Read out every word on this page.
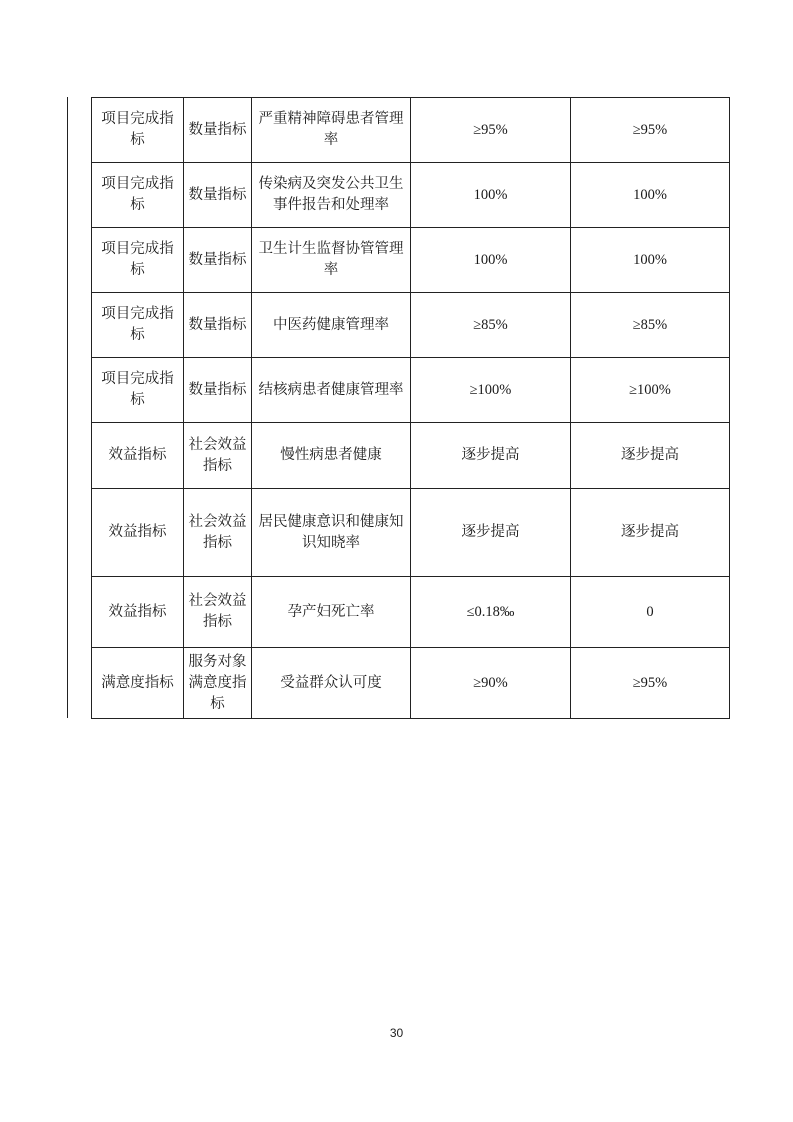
项目完成指标	数量指标	严重精神障碍患者管理率	≥95%	≥95%
项目完成指标	数量指标	传染病及突发公共卫生事件报告和处理率	100%	100%
项目完成指标	数量指标	卫生计生监督协管管理率	100%	100%
项目完成指标	数量指标	中医药健康管理率	≥85%	≥85%
项目完成指标	数量指标	结核病患者健康管理率	≥100%	≥100%
效益指标	社会效益指标	慢性病患者健康	逐步提高	逐步提高
效益指标	社会效益指标	居民健康意识和健康知识知晓率	逐步提高	逐步提高
效益指标	社会效益指标	孕产妇死亡率	≤0.18‰	0
满意度指标	服务对象满意度指标	受益群众认可度	≥90%	≥95%
30
